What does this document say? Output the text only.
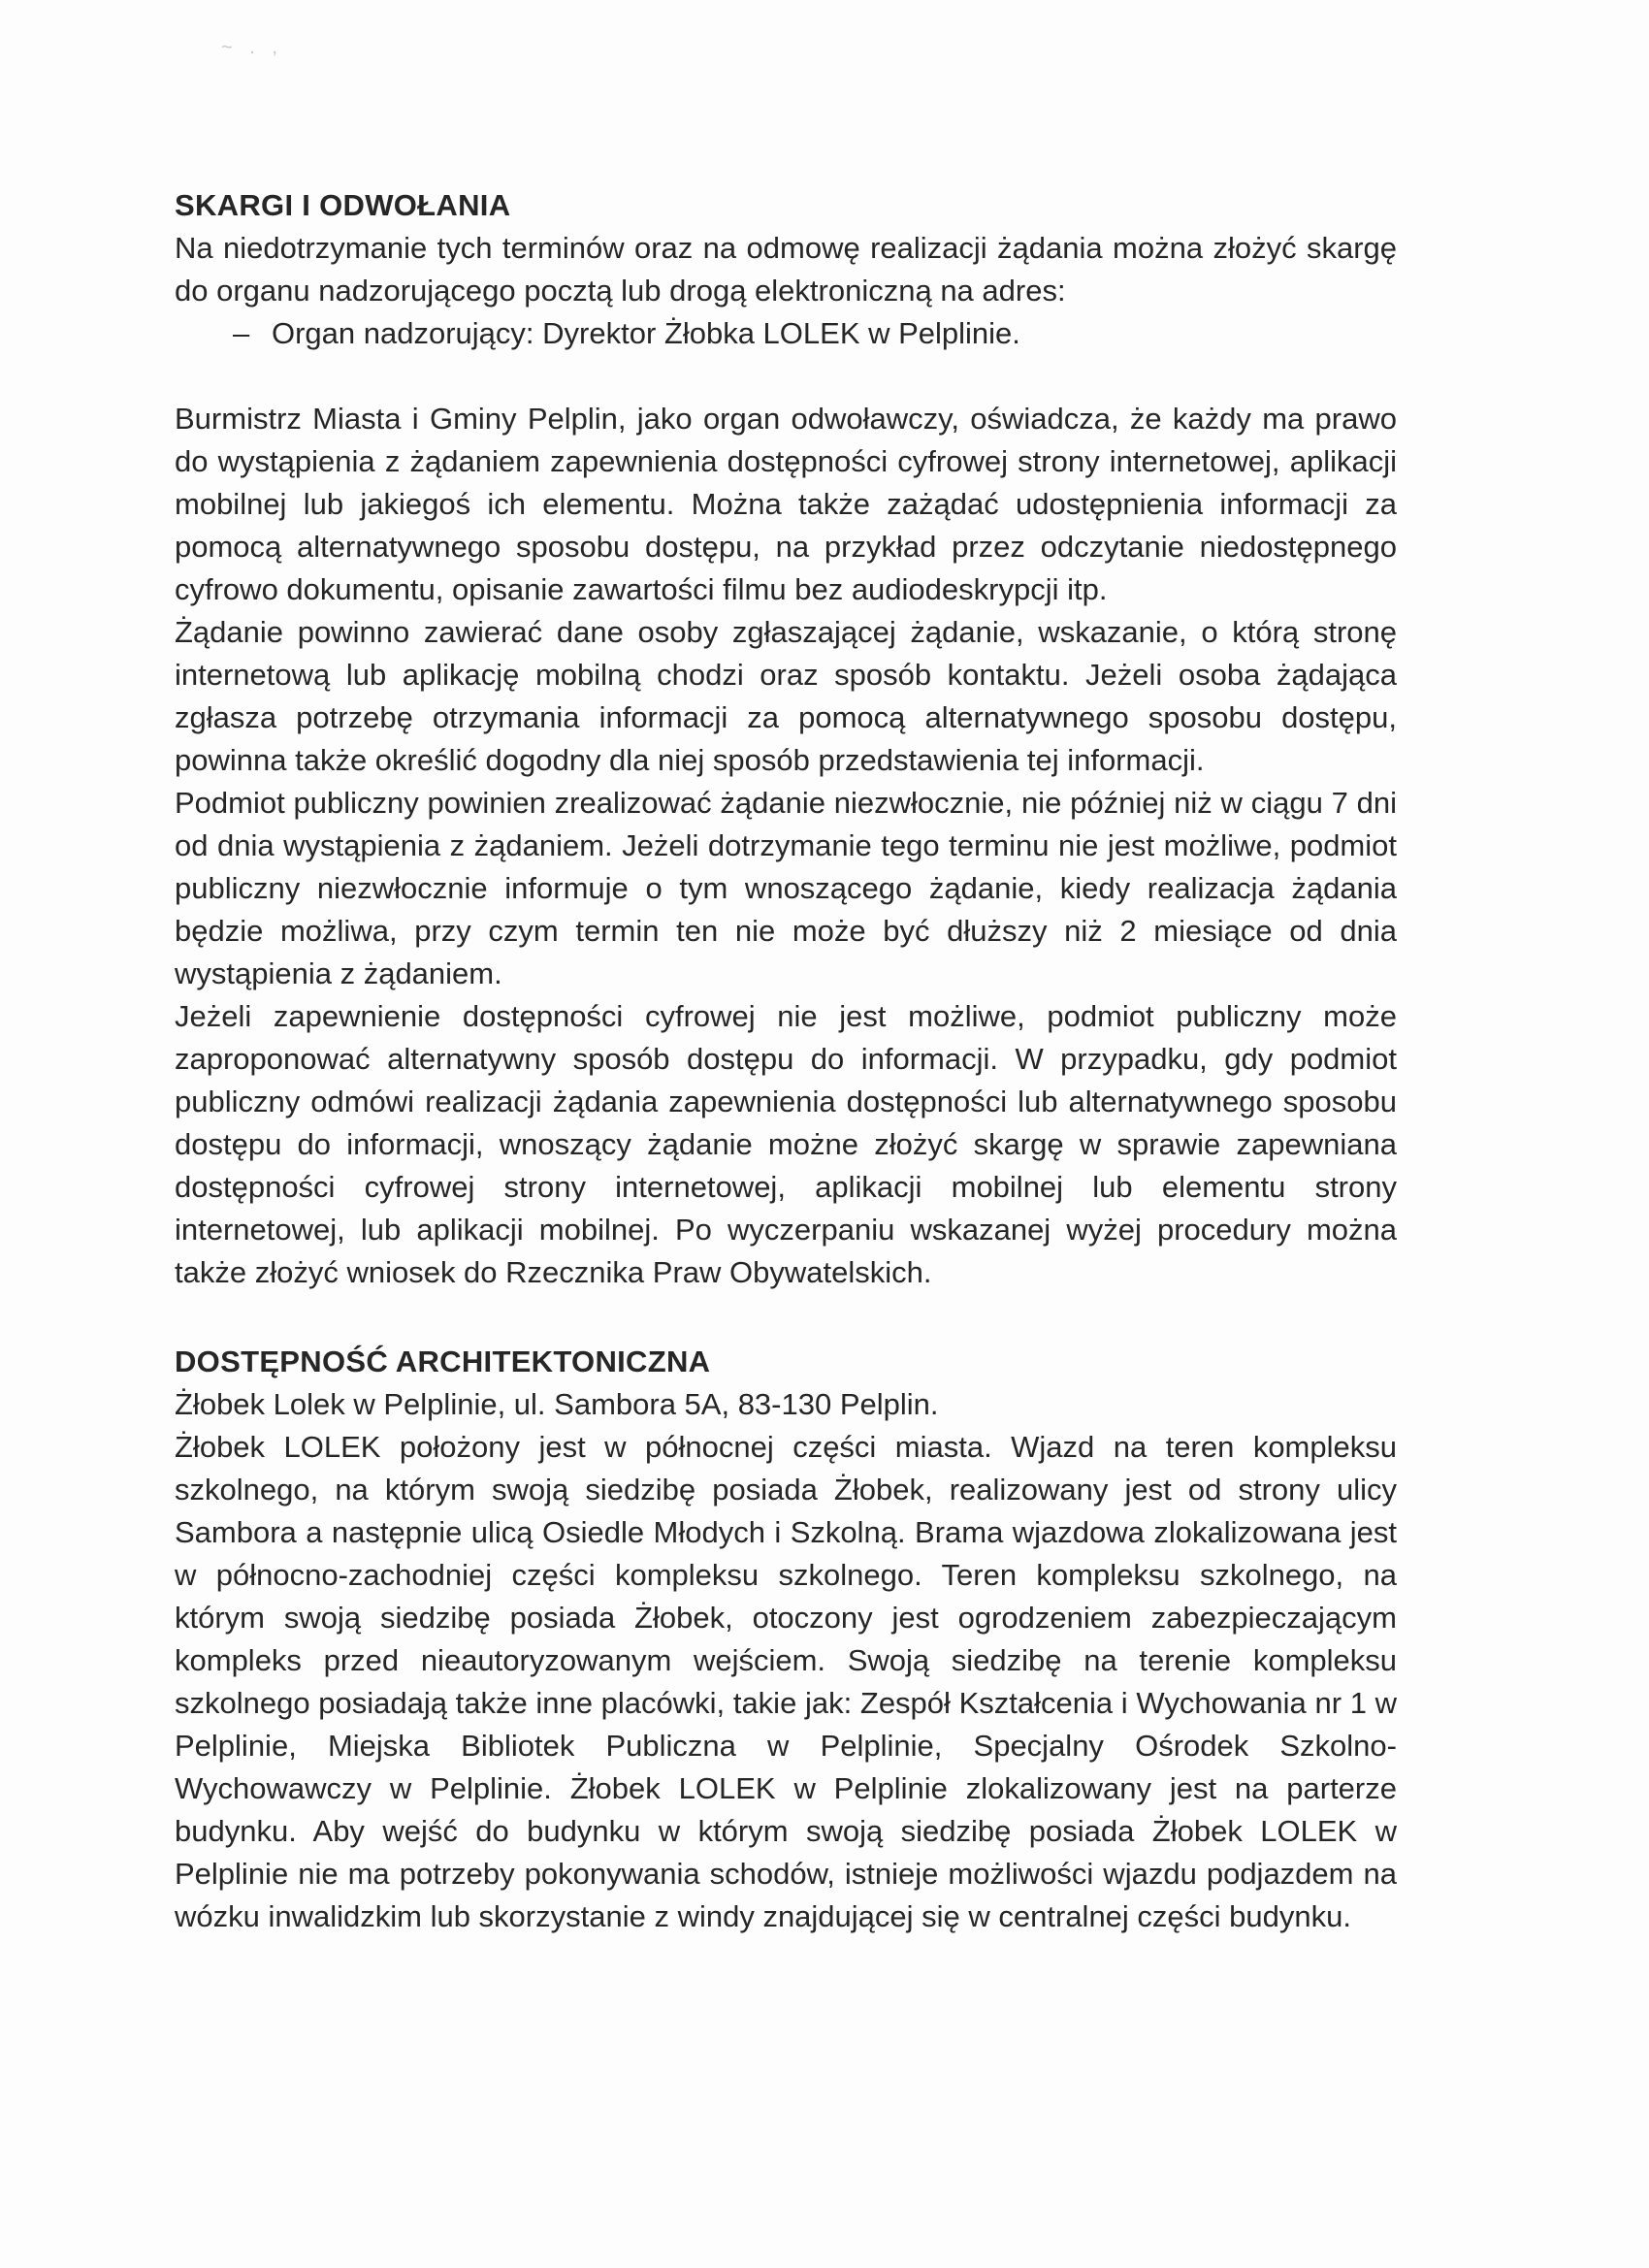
~ . ,
SKARGI I ODWOŁANIA

Na niedotrzymanie tych terminów oraz na odmowę realizacji żądania można złożyć skargę do organu nadzorującego pocztą lub drogą elektroniczną na adres:

– Organ nadzorujący: Dyrektor Żłobka LOLEK w Pelplinie.

Burmistrz Miasta i Gminy Pelplin, jako organ odwoławczy, oświadcza, że każdy ma prawo do wystąpienia z żądaniem zapewnienia dostępności cyfrowej strony internetowej, aplikacji mobilnej lub jakiegoś ich elementu. Można także zażądać udostępnienia informacji za pomocą alternatywnego sposobu dostępu, na przykład przez odczytanie niedostępnego cyfrowo dokumentu, opisanie zawartości filmu bez audiodeskrypcji itp.

Żądanie powinno zawierać dane osoby zgłaszającej żądanie, wskazanie, o którą stronę internetową lub aplikację mobilną chodzi oraz sposób kontaktu. Jeżeli osoba żądająca zgłasza potrzebę otrzymania informacji za pomocą alternatywnego sposobu dostępu, powinna także określić dogodny dla niej sposób przedstawienia tej informacji.

Podmiot publiczny powinien zrealizować żądanie niezwłocznie, nie później niż w ciągu 7 dni od dnia wystąpienia z żądaniem. Jeżeli dotrzymanie tego terminu nie jest możliwe, podmiot publiczny niezwłocznie informuje o tym wnoszącego żądanie, kiedy realizacja żądania będzie możliwa, przy czym termin ten nie może być dłuższy niż 2 miesiące od dnia wystąpienia z żądaniem.

Jeżeli zapewnienie dostępności cyfrowej nie jest możliwe, podmiot publiczny może zaproponować alternatywny sposób dostępu do informacji. W przypadku, gdy podmiot publiczny odmówi realizacji żądania zapewnienia dostępności lub alternatywnego sposobu dostępu do informacji, wnoszący żądanie możne złożyć skargę w sprawie zapewniana dostępności cyfrowej strony internetowej, aplikacji mobilnej lub elementu strony internetowej, lub aplikacji mobilnej. Po wyczerpaniu wskazanej wyżej procedury można także złożyć wniosek do Rzecznika Praw Obywatelskich.

DOSTĘPNOŚĆ ARCHITEKTONICZNA

Żłobek Lolek w Pelplinie, ul. Sambora 5A, 83-130 Pelplin.

Żłobek LOLEK położony jest w północnej części miasta. Wjazd na teren kompleksu szkolnego, na którym swoją siedzibę posiada Żłobek, realizowany jest od strony ulicy Sambora a następnie ulicą Osiedle Młodych i Szkolną. Brama wjazdowa zlokalizowana jest w północno-zachodniej części kompleksu szkolnego. Teren kompleksu szkolnego, na którym swoją siedzibę posiada Żłobek, otoczony jest ogrodzeniem zabezpieczającym kompleks przed nieautoryzowanym wejściem. Swoją siedzibę na terenie kompleksu szkolnego posiadają także inne placówki, takie jak: Zespół Kształcenia i Wychowania nr 1 w Pelplinie, Miejska Bibliotek Publiczna w Pelplinie, Specjalny Ośrodek Szkolno-Wychowawczy w Pelplinie. Żłobek LOLEK w Pelplinie zlokalizowany jest na parterze budynku. Aby wejść do budynku w którym swoją siedzibę posiada Żłobek LOLEK w Pelplinie nie ma potrzeby pokonywania schodów, istnieje możliwości wjazdu podjazdem na wózku inwalidzkim lub skorzystanie z windy znajdującej się w centralnej części budynku.
